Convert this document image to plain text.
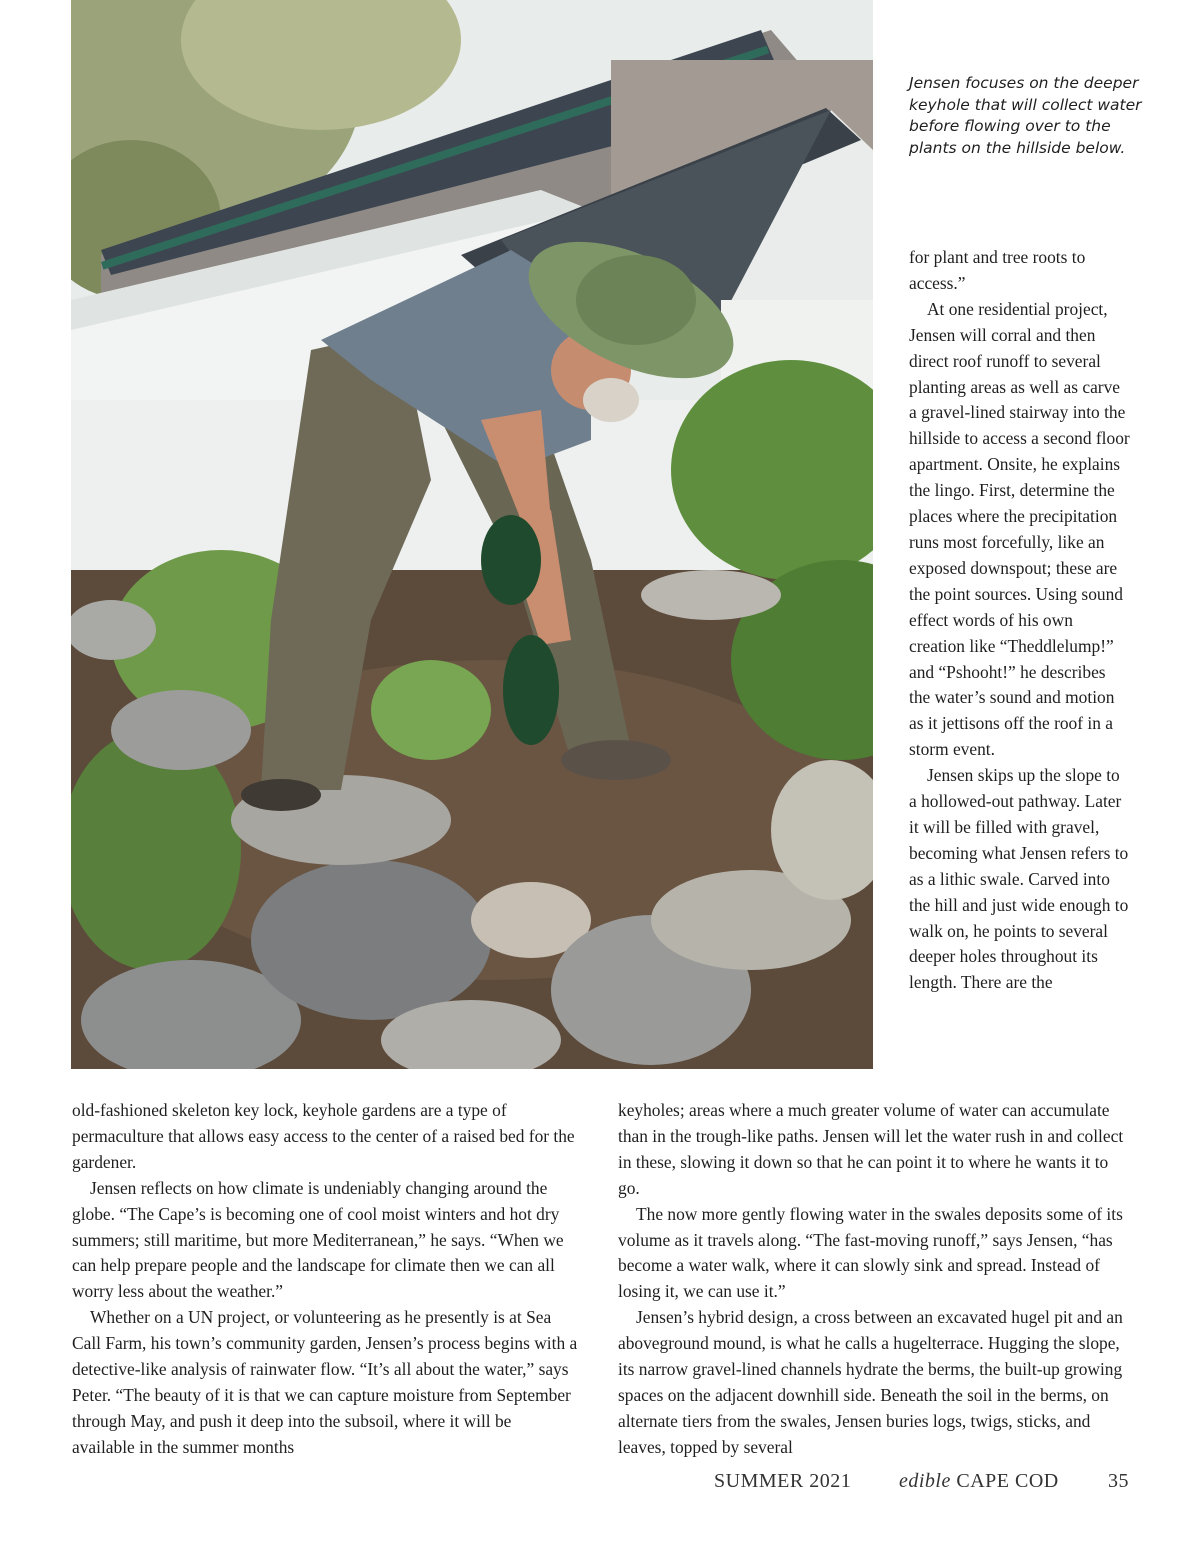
Jensen focuses on the deeper keyhole that will collect water before flowing over to the plants on the hillside below.

for plant and tree roots to access.”

At one residential project, Jensen will corral and then direct roof runoff to several planting areas as well as carve a gravel-lined stairway into the hillside to access a second floor apartment. Onsite, he explains the lingo. First, determine the places where the precipitation runs most forcefully, like an exposed downspout; these are the point sources. Using sound effect words of his own creation like “Theddlelump!” and “Pshooht!” he describes the water’s sound and motion as it jettisons off the roof in a storm event.

Jensen skips up the slope to a hollowed-out pathway. Later it will be filled with gravel, becoming what Jensen refers to as a lithic swale. Carved into the hill and just wide enough to walk on, he points to several deeper holes throughout its length. There are the

old-fashioned skeleton key lock, keyhole gardens are a type of permaculture that allows easy access to the center of a raised bed for the gardener.

Jensen reflects on how climate is undeniably changing around the globe. “The Cape’s is becoming one of cool moist winters and hot dry summers; still maritime, but more Mediterranean,” he says. “When we can help prepare people and the landscape for climate then we can all worry less about the weather.”

Whether on a UN project, or volunteering as he presently is at Sea Call Farm, his town’s community garden, Jensen’s process begins with a detective-like analysis of rainwater flow. “It’s all about the water,” says Peter. “The beauty of it is that we can capture moisture from September through May, and push it deep into the subsoil, where it will be available in the summer months

keyholes; areas where a much greater volume of water can accumulate than in the trough-like paths. Jensen will let the water rush in and collect in these, slowing it down so that he can point it to where he wants it to go.

The now more gently flowing water in the swales deposits some of its volume as it travels along. “The fast-moving runoff,” says Jensen, “has become a water walk, where it can slowly sink and spread. Instead of losing it, we can use it.”

Jensen’s hybrid design, a cross between an excavated hugel pit and an aboveground mound, is what he calls a hugelterrace. Hugging the slope, its narrow gravel-lined channels hydrate the berms, the built-up growing spaces on the adjacent downhill side. Beneath the soil in the berms, on alternate tiers from the swales, Jensen buries logs, twigs, sticks, and leaves, topped by several

SUMMER 2021 edible CAPE COD 35
